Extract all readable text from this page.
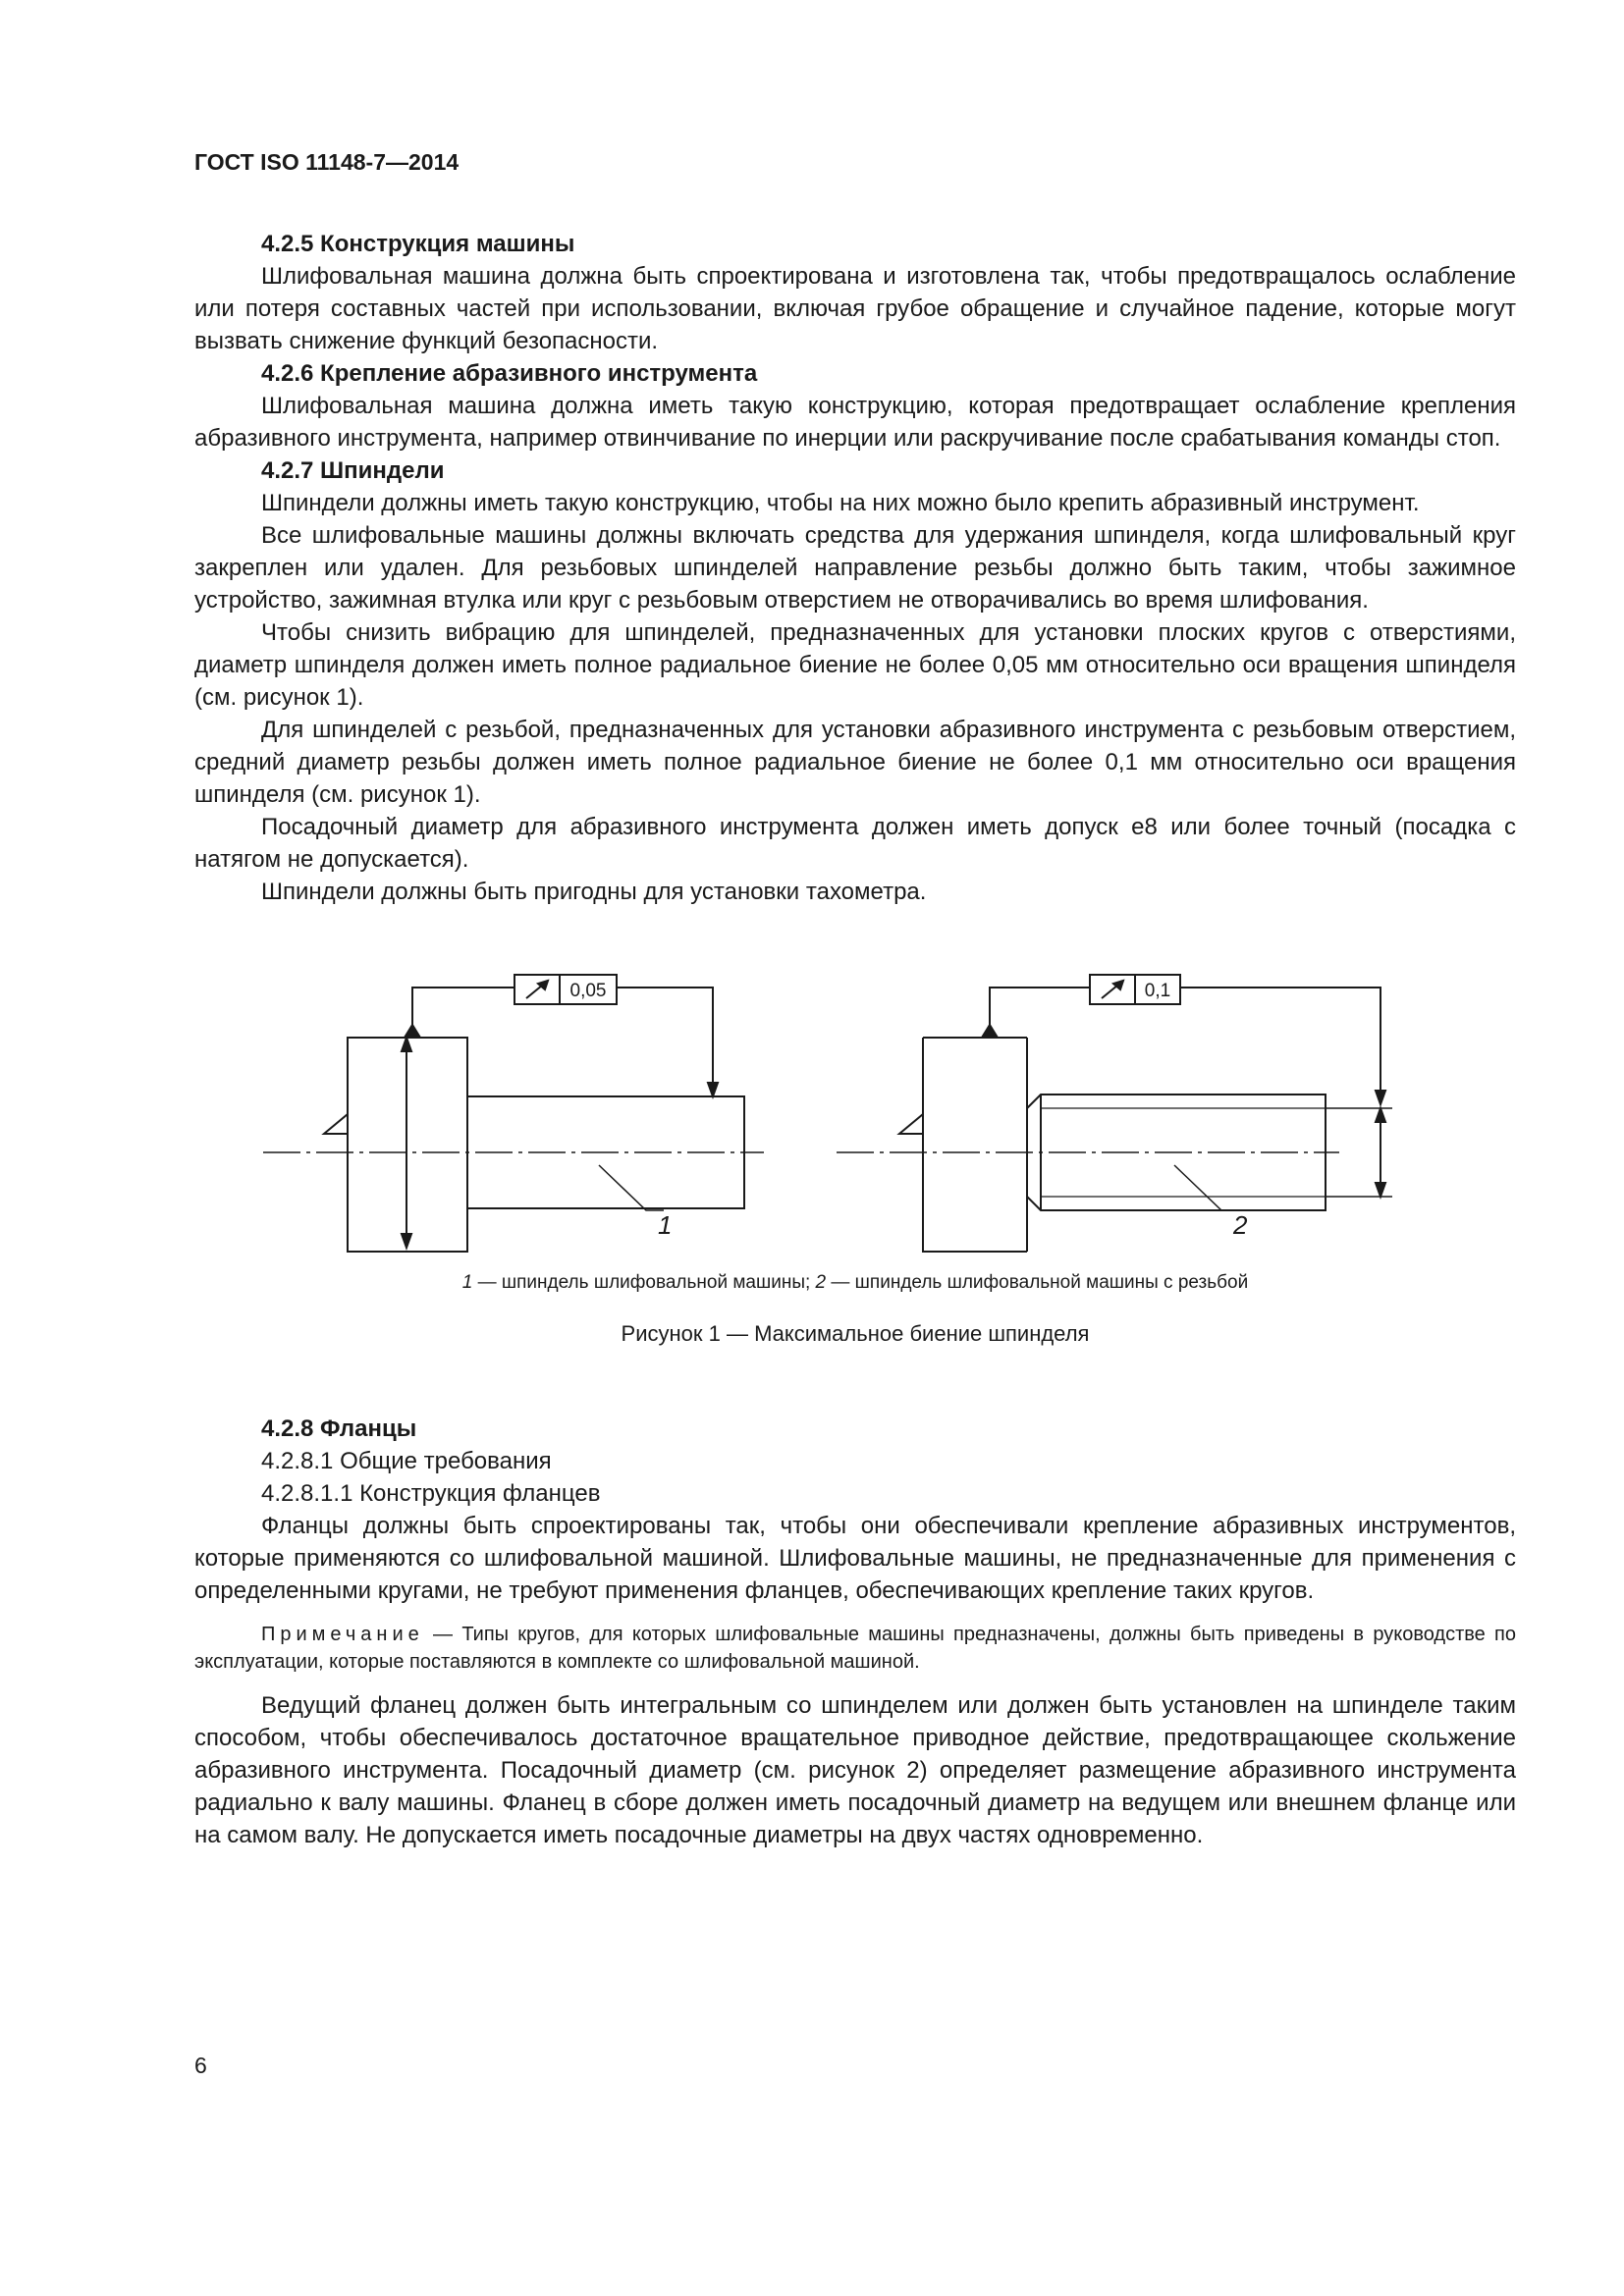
ГОСТ ISO 11148-7—2014

4.2.5 Конструкция машины

Шлифовальная машина должна быть спроектирована и изготовлена так, чтобы предотвращалось ослабление или потеря составных частей при использовании, включая грубое обращение и случайное падение, которые могут вызвать снижение функций безопасности.

4.2.6 Крепление абразивного инструмента

Шлифовальная машина должна иметь такую конструкцию, которая предотвращает ослабление крепления абразивного инструмента, например отвинчивание по инерции или раскручивание после срабатывания команды стоп.

4.2.7 Шпиндели

Шпиндели должны иметь такую конструкцию, чтобы на них можно было крепить абразивный инструмент.

Все шлифовальные машины должны включать средства для удержания шпинделя, когда шлифовальный круг закреплен или удален. Для резьбовых шпинделей направление резьбы должно быть таким, чтобы зажимное устройство, зажимная втулка или круг с резьбовым отверстием не отворачивались во время шлифования.

Чтобы снизить вибрацию для шпинделей, предназначенных для установки плоских кругов с отверстиями, диаметр шпинделя должен иметь полное радиальное биение не более 0,05 мм относительно оси вращения шпинделя (см. рисунок 1).

Для шпинделей с резьбой, предназначенных для установки абразивного инструмента с резьбовым отверстием, средний диаметр резьбы должен иметь полное радиальное биение не более 0,1 мм относительно оси вращения шпинделя (см. рисунок 1).

Посадочный диаметр для абразивного инструмента должен иметь допуск е8 или более точный (посадка с натягом не допускается).

Шпиндели должны быть пригодны для установки тахометра.

0,05
1
0,1
2
1 — шпиндель шлифовальной машины; 2 — шпиндель шлифовальной машины с резьбой
Рисунок 1 — Максимальное биение шпинделя

4.2.8 Фланцы

4.2.8.1 Общие требования

4.2.8.1.1 Конструкция фланцев

Фланцы должны быть спроектированы так, чтобы они обеспечивали крепление абразивных инструментов, которые применяются со шлифовальной машиной. Шлифовальные машины, не предназначенные для применения с определенными кругами, не требуют применения фланцев, обеспечивающих крепление таких кругов.

Примечание — Типы кругов, для которых шлифовальные машины предназначены, должны быть приведены в руководстве по эксплуатации, которые поставляются в комплекте со шлифовальной машиной.

Ведущий фланец должен быть интегральным со шпинделем или должен быть установлен на шпинделе таким способом, чтобы обеспечивалось достаточное вращательное приводное действие, предотвращающее скольжение абразивного инструмента. Посадочный диаметр (см. рисунок 2) определяет размещение абразивного инструмента радиально к валу машины. Фланец в сборе должен иметь посадочный диаметр на ведущем или внешнем фланце или на самом валу. Не допускается иметь посадочные диаметры на двух частях одновременно.

6
